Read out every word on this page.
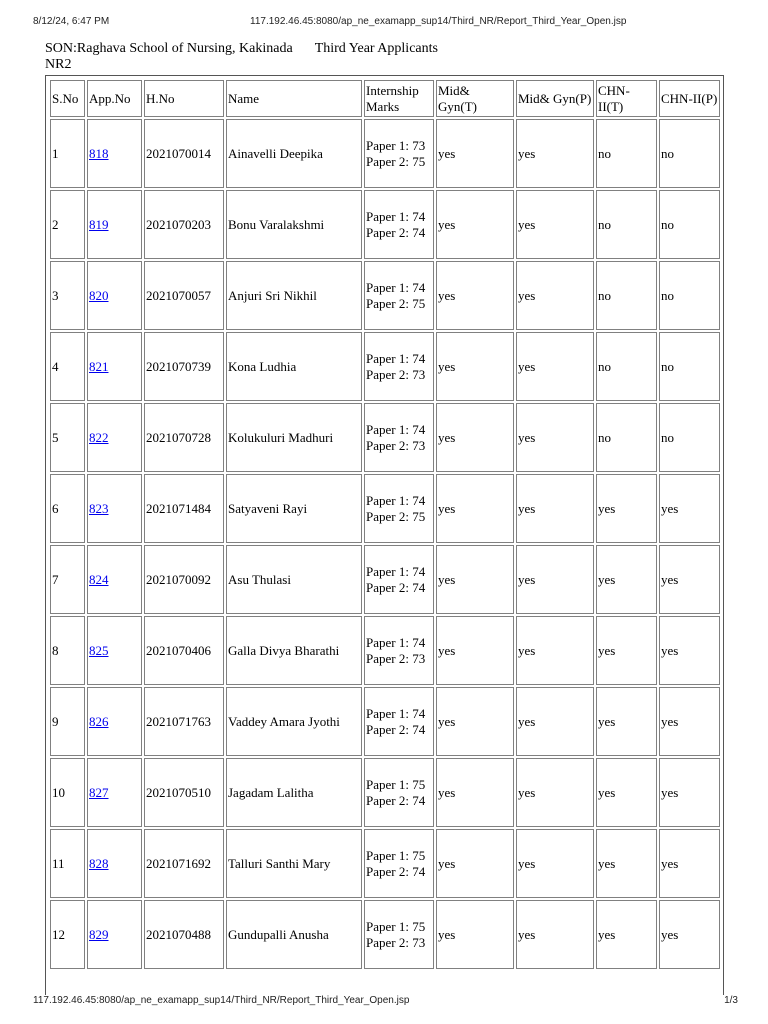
8/12/24, 6:47 PM	117.192.46.45:8080/ap_ne_examapp_sup14/Third_NR/Report_Third_Year_Open.jsp
SON:Raghava School of Nursing, Kakinada Third Year Applicants
NR2
S.No	App.No	H.No	Name	Internship Marks	Mid& Gyn(T)	Mid& Gyn(P)	CHN-II(T)	CHN-II(P)
1	818	2021070014	Ainavelli Deepika	Paper 1: 73
Paper 2: 75	yes	yes	no	no
2	819	2021070203	Bonu Varalakshmi	Paper 1: 74
Paper 2: 74	yes	yes	no	no
3	820	2021070057	Anjuri Sri Nikhil	Paper 1: 74
Paper 2: 75	yes	yes	no	no
4	821	2021070739	Kona Ludhia	Paper 1: 74
Paper 2: 73	yes	yes	no	no
5	822	2021070728	Kolukuluri Madhuri	Paper 1: 74
Paper 2: 73	yes	yes	no	no
6	823	2021071484	Satyaveni Rayi	Paper 1: 74
Paper 2: 75	yes	yes	yes	yes
7	824	2021070092	Asu Thulasi	Paper 1: 74
Paper 2: 74	yes	yes	yes	yes
8	825	2021070406	Galla Divya Bharathi	Paper 1: 74
Paper 2: 73	yes	yes	yes	yes
9	826	2021071763	Vaddey Amara Jyothi	Paper 1: 74
Paper 2: 74	yes	yes	yes	yes
10	827	2021070510	Jagadam Lalitha	Paper 1: 75
Paper 2: 74	yes	yes	yes	yes
11	828	2021071692	Talluri Santhi Mary	Paper 1: 75
Paper 2: 74	yes	yes	yes	yes
12	829	2021070488	Gundupalli Anusha	Paper 1: 75
Paper 2: 73	yes	yes	yes	yes
117.192.46.45:8080/ap_ne_examapp_sup14/Third_NR/Report_Third_Year_Open.jsp	1/3
